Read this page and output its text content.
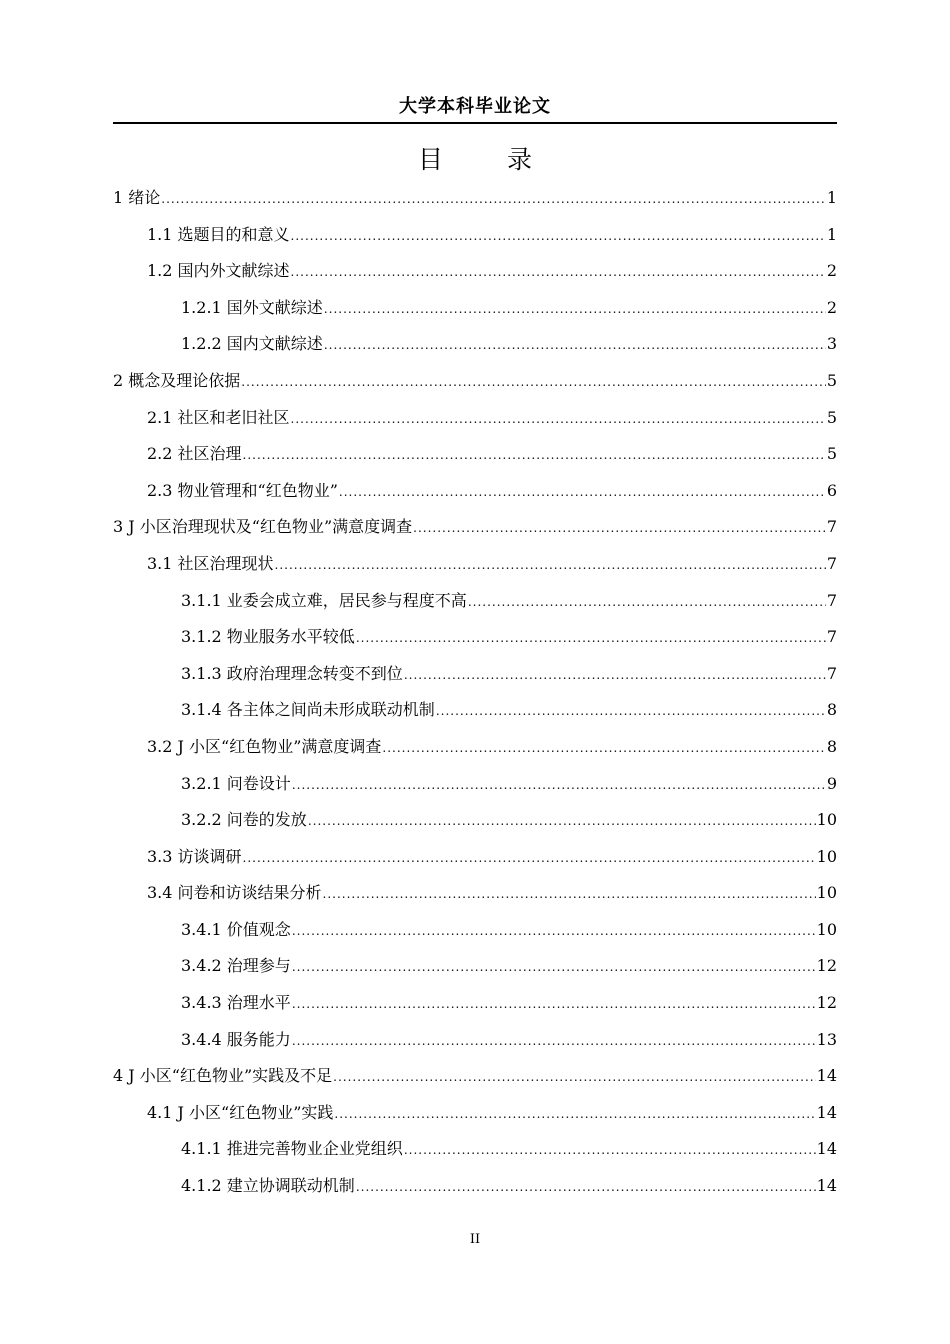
大学本科毕业论文
目 录
1 绪论 .....	1
1.1 选题目的和意义 .....	1
1.2 国内外文献综述 .....	2
1.2.1 国外文献综述 .....	2
1.2.2 国内文献综述 .....	3
2 概念及理论依据 .....	5
2.1 社区和老旧社区 .....	5
2.2 社区治理 .....	5
2.3 物业管理和“红色物业” .....	6
3 J 小区治理现状及“红色物业”满意度调查 .....	7
3.1 社区治理现状 .....	7
3.1.1 业委会成立难，居民参与程度不高 .....	7
3.1.2 物业服务水平较低 .....	7
3.1.3 政府治理理念转变不到位 .....	7
3.1.4 各主体之间尚未形成联动机制 .....	8
3.2 J 小区“红色物业”满意度调查 .....	8
3.2.1 问卷设计 .....	9
3.2.2 问卷的发放 .....	10
3.3 访谈调研 .....	10
3.4 问卷和访谈结果分析 .....	10
3.4.1 价值观念 .....	10
3.4.2 治理参与 .....	12
3.4.3 治理水平 .....	12
3.4.4 服务能力 .....	13
4 J 小区“红色物业”实践及不足 .....	14
4.1 J 小区“红色物业”实践 .....	14
4.1.1 推进完善物业企业党组织 .....	14
4.1.2 建立协调联动机制 .....	14
II
